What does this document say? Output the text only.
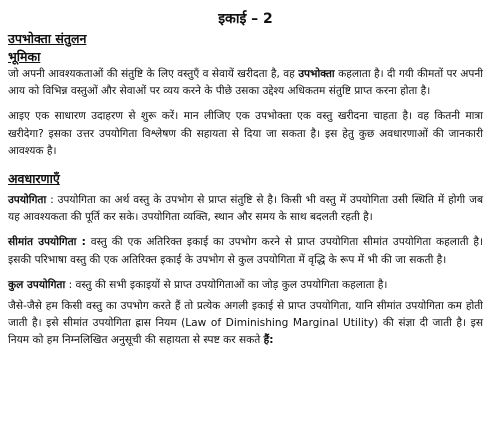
इकाई – 2
उपभोक्ता संतुलन
भूमिका

जो अपनी आवश्यकताओं की संतुष्टि के लिए वस्तुएँ व सेवायें खरीदता है, वह उपभोक्ता कहलाता है। दी गयी कीमतों पर अपनी आय को विभिन्न वस्तुओं और सेवाओं पर व्यय करने के पीछे उसका उद्देश्य अधिकतम संतुष्टि प्राप्त करना होता है।

आइए एक साधारण उदाहरण से शुरू करें। मान लीजिए एक उपभोक्ता एक वस्तु खरीदना चाहता है। वह कितनी मात्रा खरीदेगा? इसका उत्तर उपयोगिता विश्लेषण की सहायता से दिया जा सकता है। इस हेतु कुछ अवधारणाओं की जानकारी आवश्यक है।

अवधारणाएँ

उपयोगिता : उपयोगिता का अर्थ वस्तु के उपभोग से प्राप्त संतुष्टि से है। किसी भी वस्तु में उपयोगिता उसी स्थिति में होगी जब यह आवश्यकता की पूर्ति कर सके। उपयोगिता व्यक्ति, स्थान और समय के साथ बदलती रहती है।

सीमांत उपयोगिता : वस्तु की एक अतिरिक्त इकाई का उपभोग करने से प्राप्त उपयोगिता सीमांत उपयोगिता कहलाती है। इसकी परिभाषा वस्तु की एक अतिरिक्त इकाई के उपभोग से कुल उपयोगिता में वृद्धि के रूप में भी की जा सकती है।

कुल उपयोगिता : वस्तु की सभी इकाइयों से प्राप्त उपयोगिताओं का जोड़ कुल उपयोगिता कहलाता है।

जैसे-जैसे हम किसी वस्तु का उपभोग करते हैं तो प्रत्येक अगली इकाई से प्राप्त उपयोगिता, यानि सीमांत उपयोगिता कम होती जाती है। इसे सीमांत उपयोगिता ह्रास नियम (Law of Diminishing Marginal Utility) की संज्ञा दी जाती है। इस नियम को हम निम्नलिखित अनुसूची की सहायता से स्पष्ट कर सकते हैं:
